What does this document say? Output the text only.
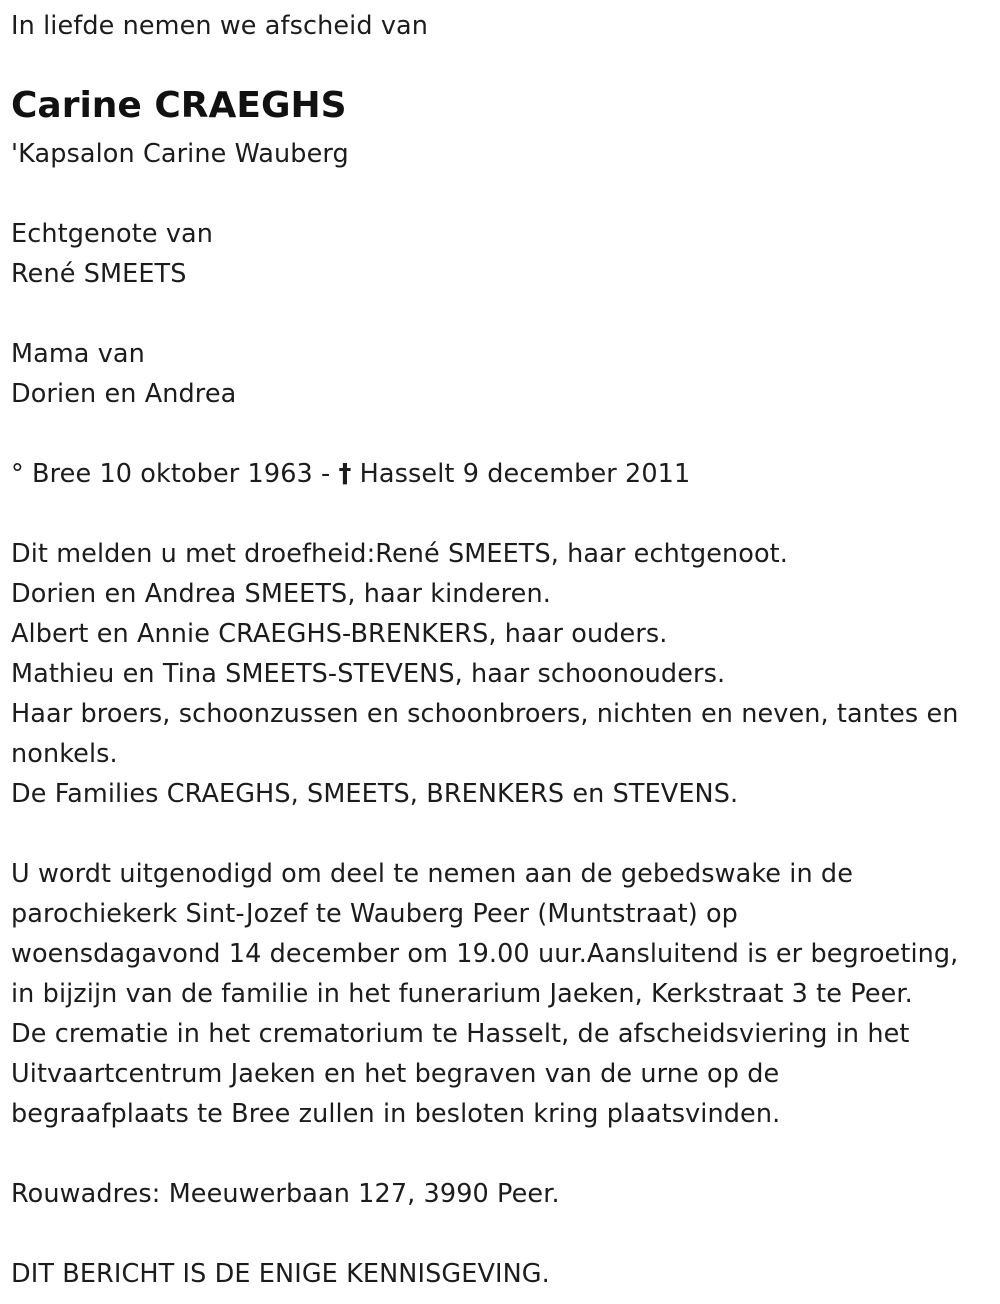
In liefde nemen we afscheid van

Carine CRAEGHS

'Kapsalon Carine Wauberg

Echtgenote van

René SMEETS

Mama van

Dorien en Andrea

° Bree 10 oktober 1963 - † Hasselt 9 december 2011

Dit melden u met droefheid:René SMEETS, haar echtgenoot.

Dorien en Andrea SMEETS, haar kinderen.

Albert en Annie CRAEGHS-BRENKERS, haar ouders.

Mathieu en Tina SMEETS-STEVENS, haar schoonouders.

Haar broers, schoonzussen en schoonbroers, nichten en neven, tantes en

nonkels.

De Families CRAEGHS, SMEETS, BRENKERS en STEVENS.

U wordt uitgenodigd om deel te nemen aan de gebedswake in de

parochiekerk Sint-Jozef te Wauberg Peer (Muntstraat) op

woensdagavond 14 december om 19.00 uur.Aansluitend is er begroeting,

in bijzijn van de familie in het funerarium Jaeken, Kerkstraat 3 te Peer.

De crematie in het crematorium te Hasselt, de afscheidsviering in het

Uitvaartcentrum Jaeken en het begraven van de urne op de

begraafplaats te Bree zullen in besloten kring plaatsvinden.

Rouwadres: Meeuwerbaan 127, 3990 Peer.

DIT BERICHT IS DE ENIGE KENNISGEVING.
